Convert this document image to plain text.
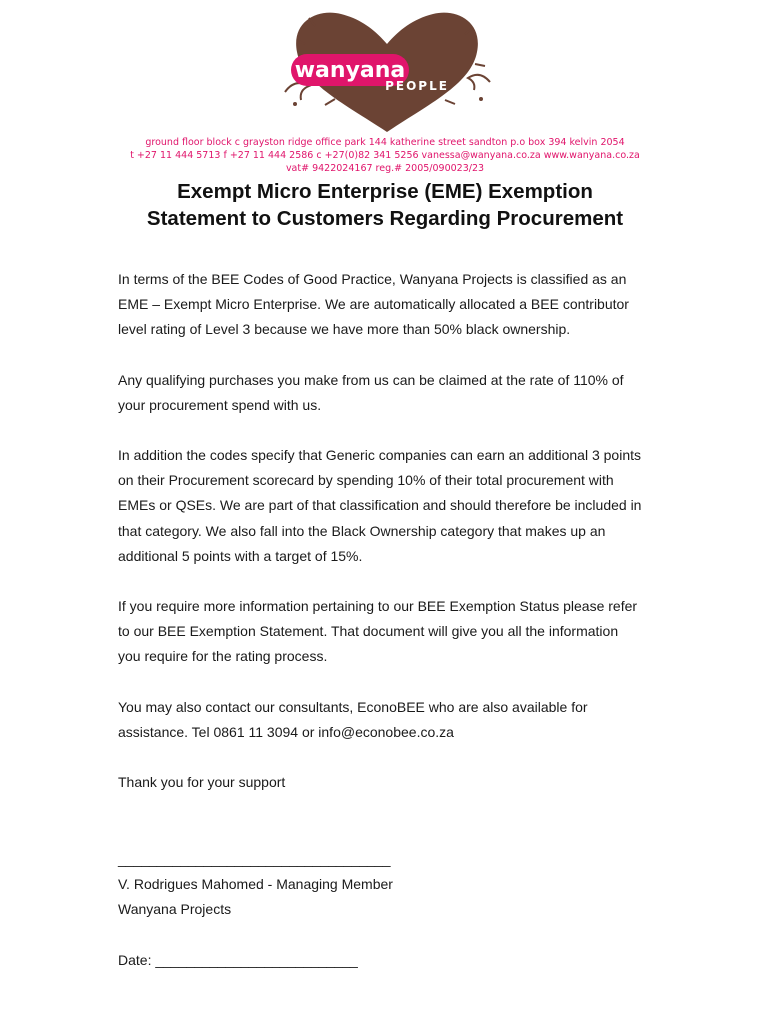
wanyana
PEOPLE
ground floor block c grayston ridge office park 144 katherine street sandton p.o box 394 kelvin 2054
t +27 11 444 5713 f +27 11 444 2586 c +27(0)82 341 5256 vanessa@wanyana.co.za www.wanyana.co.za
vat# 9422024167 reg.# 2005/090023/23
Exempt Micro Enterprise (EME) Exemption
Statement to Customers Regarding Procurement

In terms of the BEE Codes of Good Practice, Wanyana Projects is classified as an
EME – Exempt Micro Enterprise. We are automatically allocated a BEE contributor
level rating of Level 3 because we have more than 50% black ownership.

Any qualifying purchases you make from us can be claimed at the rate of 110% of
your procurement spend with us.

In addition the codes specify that Generic companies can earn an additional 3 points
on their Procurement scorecard by spending 10% of their total procurement with
EMEs or QSEs. We are part of that classification and should therefore be included in
that category. We also fall into the Black Ownership category that makes up an
additional 5 points with a target of 15%.

If you require more information pertaining to our BEE Exemption Status please refer
to our BEE Exemption Statement. That document will give you all the information
you require for the rating process.

You may also contact our consultants, EconoBEE who are also available for
assistance. Tel 0861 11 3094 or info@econobee.co.za

Thank you for your support

___________________________________
V. Rodrigues Mahomed - Managing Member
Wanyana Projects
Date: __________________________
